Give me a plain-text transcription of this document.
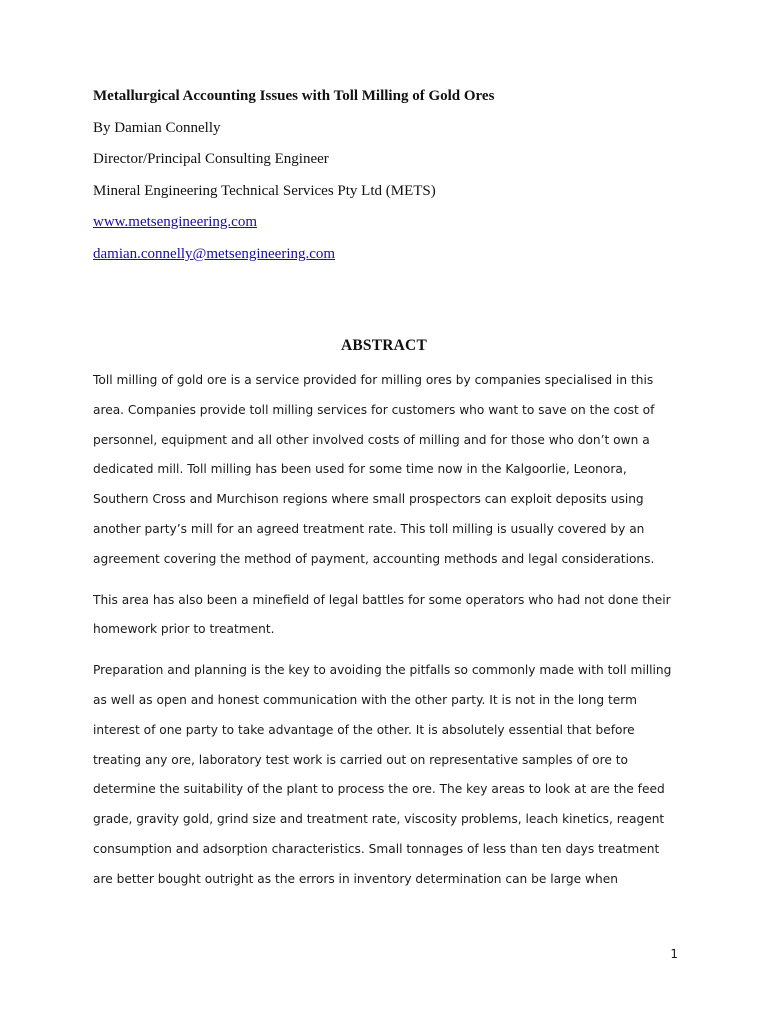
Metallurgical Accounting Issues with Toll Milling of Gold Ores

By Damian Connelly

Director/Principal Consulting Engineer

Mineral Engineering Technical Services Pty Ltd (METS)

www.metsengineering.com

damian.connelly@metsengineering.com

ABSTRACT

Toll milling of gold ore is a service provided for milling ores by companies specialised in this area. Companies provide toll milling services for customers who want to save on the cost of personnel, equipment and all other involved costs of milling and for those who don’t own a dedicated mill. Toll milling has been used for some time now in the Kalgoorlie, Leonora, Southern Cross and Murchison regions where small prospectors can exploit deposits using another party’s mill for an agreed treatment rate. This toll milling is usually covered by an agreement covering the method of payment, accounting methods and legal considerations.

This area has also been a minefield of legal battles for some operators who had not done their homework prior to treatment.

Preparation and planning is the key to avoiding the pitfalls so commonly made with toll milling as well as open and honest communication with the other party. It is not in the long term interest of one party to take advantage of the other. It is absolutely essential that before treating any ore, laboratory test work is carried out on representative samples of ore to determine the suitability of the plant to process the ore. The key areas to look at are the feed grade, gravity gold, grind size and treatment rate, viscosity problems, leach kinetics, reagent consumption and adsorption characteristics. Small tonnages of less than ten days treatment are better bought outright as the errors in inventory determination can be large when

1
